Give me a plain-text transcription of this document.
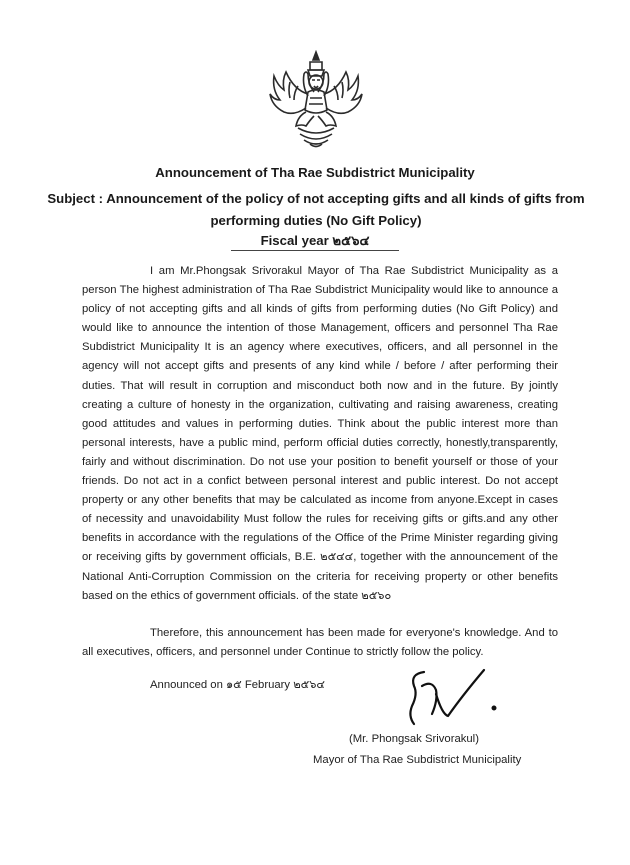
Announcement of Tha Rae Subdistrict Municipality
Subject : Announcement of the policy of not accepting gifts and all kinds of gifts from performing duties (No Gift Policy)
Fiscal year ๒๕๖๔

I am Mr.Phongsak Srivorakul Mayor of Tha Rae Subdistrict Municipality as a person The highest administration of Tha Rae Subdistrict Municipality would like to announce a policy of not accepting gifts and all kinds of gifts from performing duties (No Gift Policy) and would like to announce the intention of those Management, officers and personnel Tha Rae Subdistrict Municipality It is an agency where executives, officers, and all personnel in the agency will not accept gifts and presents of any kind while / before / after performing their duties. That will result in corruption and misconduct both now and in the future. By jointly creating a culture of honesty in the organization, cultivating and raising awareness, creating good attitudes and values in performing duties. Think about the public interest more than personal interests, have a public mind, perform official duties correctly, honestly,transparently, fairly and without discrimination. Do not use your position to benefit yourself or those of your friends. Do not act in a confict between personal interest and public interest. Do not accept property or any other benefits that may be calculated as income from anyone.Except in cases of necessity and unavoidability Must follow the rules for receiving gifts or gifts.and any other benefits in accordance with the regulations of the Office of the Prime Minister regarding giving or receiving gifts by government officials, B.E. ๒๕๔๔, together with the announcement of the National Anti-Corruption Commission on the criteria for receiving property or other benefits based on the ethics of government officials. of the state ๒๕๖๐

Therefore, this announcement has been made for everyone's knowledge. And to all executives, officers, and personnel under Continue to strictly follow the policy.

Announced on ๑๕ February ๒๕๖๔
(Mr. Phongsak Srivorakul)
Mayor of Tha Rae Subdistrict Municipality
